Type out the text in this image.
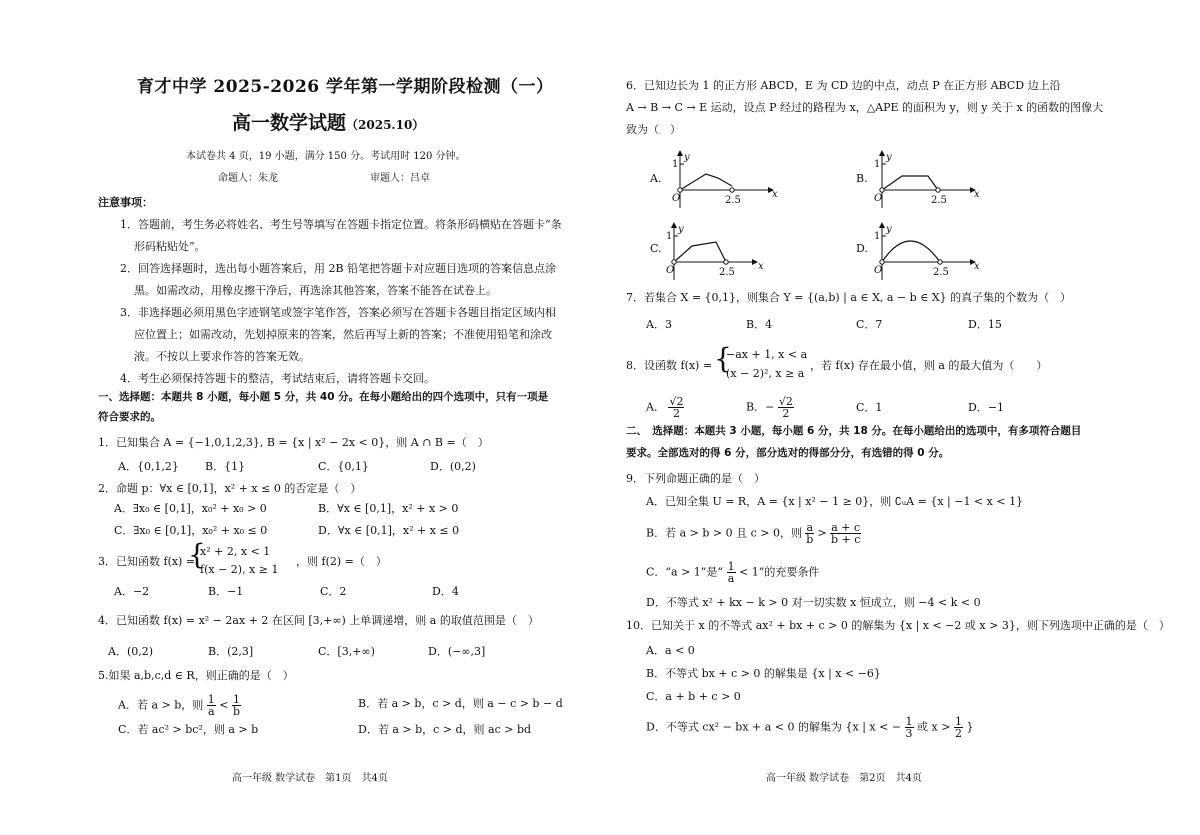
育才中学 2025-2026 学年第一学期阶段检测（一）
高一数学试题（2025.10）
本试卷共 4 页，19 小题，满分 150 分。考试用时 120 分钟。
命题人：朱龙	审题人：吕卓
注意事项：
1．答题前，考生务必将姓名、考生号等填写在答题卡指定位置。将条形码横贴在答题卡“条
形码粘贴处”。
2．回答选择题时，选出每小题答案后，用 2B 铅笔把答题卡对应题目选项的答案信息点涂
黑。如需改动，用橡皮擦干净后，再选涂其他答案，答案不能答在试卷上。
3．非选择题必须用黑色字迹钢笔或签字笔作答，答案必须写在答题卡各题目指定区域内相
应位置上；如需改动，先划掉原来的答案，然后再写上新的答案；不准使用铅笔和涂改
液。不按以上要求作答的答案无效。
4．考生必须保持答题卡的整洁，考试结束后，请将答题卡交回。
一、选择题：本题共 8 小题，每小题 5 分，共 40 分。在每小题给出的四个选项中，只有一项是
符合要求的。
1．已知集合 A = {−1,0,1,2,3}, B = {x | x² − 2x < 0}，则 A ∩ B =（　）
A．{0,1,2} B．{1}	C．{0,1}	D．(0,2)
2．命题 p：∀x ∈ [0,1]，x² + x ≤ 0 的否定是（　）
A．∃x₀ ∈ [0,1]，x₀² + x₀ > 0	B．∀x ∈ [0,1]，x² + x > 0
C．∃x₀ ∈ [0,1]，x₀² + x₀ ≤ 0	D．∀x ∈ [0,1]，x² + x ≤ 0
3．已知函数 f(x) =
{
x² + 2, x < 1
f(x − 2), x ≥ 1
，则 f(2) =（　）
A．−2	B．−1	C．2	D．4
4．已知函数 f(x) = x² − 2ax + 2 在区间 [3,+∞) 上单调递增，则 a 的取值范围是（　）
A．(0,2)	B．(2,3]	C．[3,+∞)	D．(−∞,3]
5.如果 a,b,c,d ∈ R，则正确的是（　）
A．若 a > b，则 $\frac{1}{a} < \frac{1}{b}$	B．若 a > b，c > d，则 a − c > b − d
C．若 ac² > bc²，则 a > b	D．若 a > b，c > d，则 ac > bd
高一年级 数学试卷　第1页　共4页
6．已知边长为 1 的正方形 ABCD，E 为 CD 边的中点，动点 P 在正方形 ABCD 边上沿
A → B → C → E 运动，设点 P 经过的路程为 x，△APE 的面积为 y，则 y 关于 x 的函数的图像大
致为（　）
A.
y
x
O
1
2.5
B.
y
x
O
1
2.5
C.
y
x
O
1
2.5
D.
y
x
O
1
2.5
7．若集合 X = {0,1}，则集合 Y = {(a,b) | a ∈ X, a − b ∈ X} 的真子集的个数为（　）
A．3	B．4	C．7	D．15
8．设函数 f(x) = {
−ax + 1, x < a
(x − 2)², x ≥ a
，若 f(x) 存在最小值，则 a 的最大值为（　　）
A． $\frac{√2}{2}$	B．− $\frac{√2}{2}$	C．1	D．−1
二、　选择题：本题共 3 小题，每小题 6 分，共 18 分。在每小题给出的选项中，有多项符合题目
要求。全部选对的得 6 分，部分选对的得部分分，有选错的得 0 分。
9．下列命题正确的是（　）
A．已知全集 U = R，A = {x | x² − 1 ≥ 0}，则 ∁ᵤA = {x | −1 < x < 1}
B．若 a > b > 0 且 c > 0，则 $\frac{a}{b} > \frac{a + c}{b + c}$
C．“a > 1”是“ $\frac{1}{a} < 1$”的充要条件
D．不等式 x² + kx − k > 0 对一切实数 x 恒成立，则 −4 < k < 0
10．已知关于 x 的不等式 ax² + bx + c > 0 的解集为 {x | x < −2 或 x > 3}，则下列选项中正确的是（　）
A．a < 0
B．不等式 bx + c > 0 的解集是 {x | x < −6}
C．a + b + c > 0
D．不等式 cx² − bx + a < 0 的解集为 {x | x < − $\frac{1}{3}$ 或 $x > \frac{1}{2}$ }
高一年级 数学试卷　第2页　共4页
